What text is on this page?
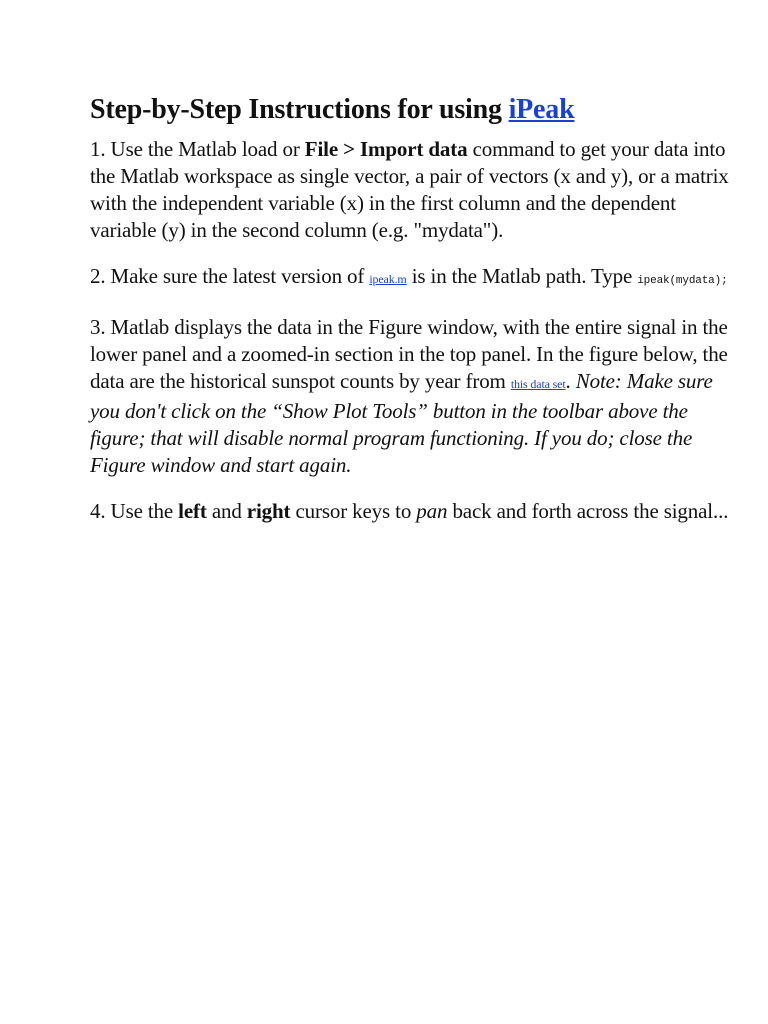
Step-by-Step Instructions for using iPeak

1. Use the Matlab load or File > Import data command to get your data into the Matlab workspace as single vector, a pair of vectors (x and y), or a matrix with the independent variable (x) in the first column and the dependent variable (y) in the second column (e.g. "mydata").

2. Make sure the latest version of ipeak.m is in the Matlab path. Type ipeak(mydata);

3. Matlab displays the data in the Figure window, with the entire signal in the lower panel and a zoomed-in section in the top panel. In the figure below, the data are the historical sunspot counts by year from this data set. Note: Make sure you don't click on the “Show Plot Tools” button in the toolbar above the figure; that will disable normal program functioning. If you do; close the Figure window and start again.

4. Use the left and right cursor keys to pan back and forth across the signal...
